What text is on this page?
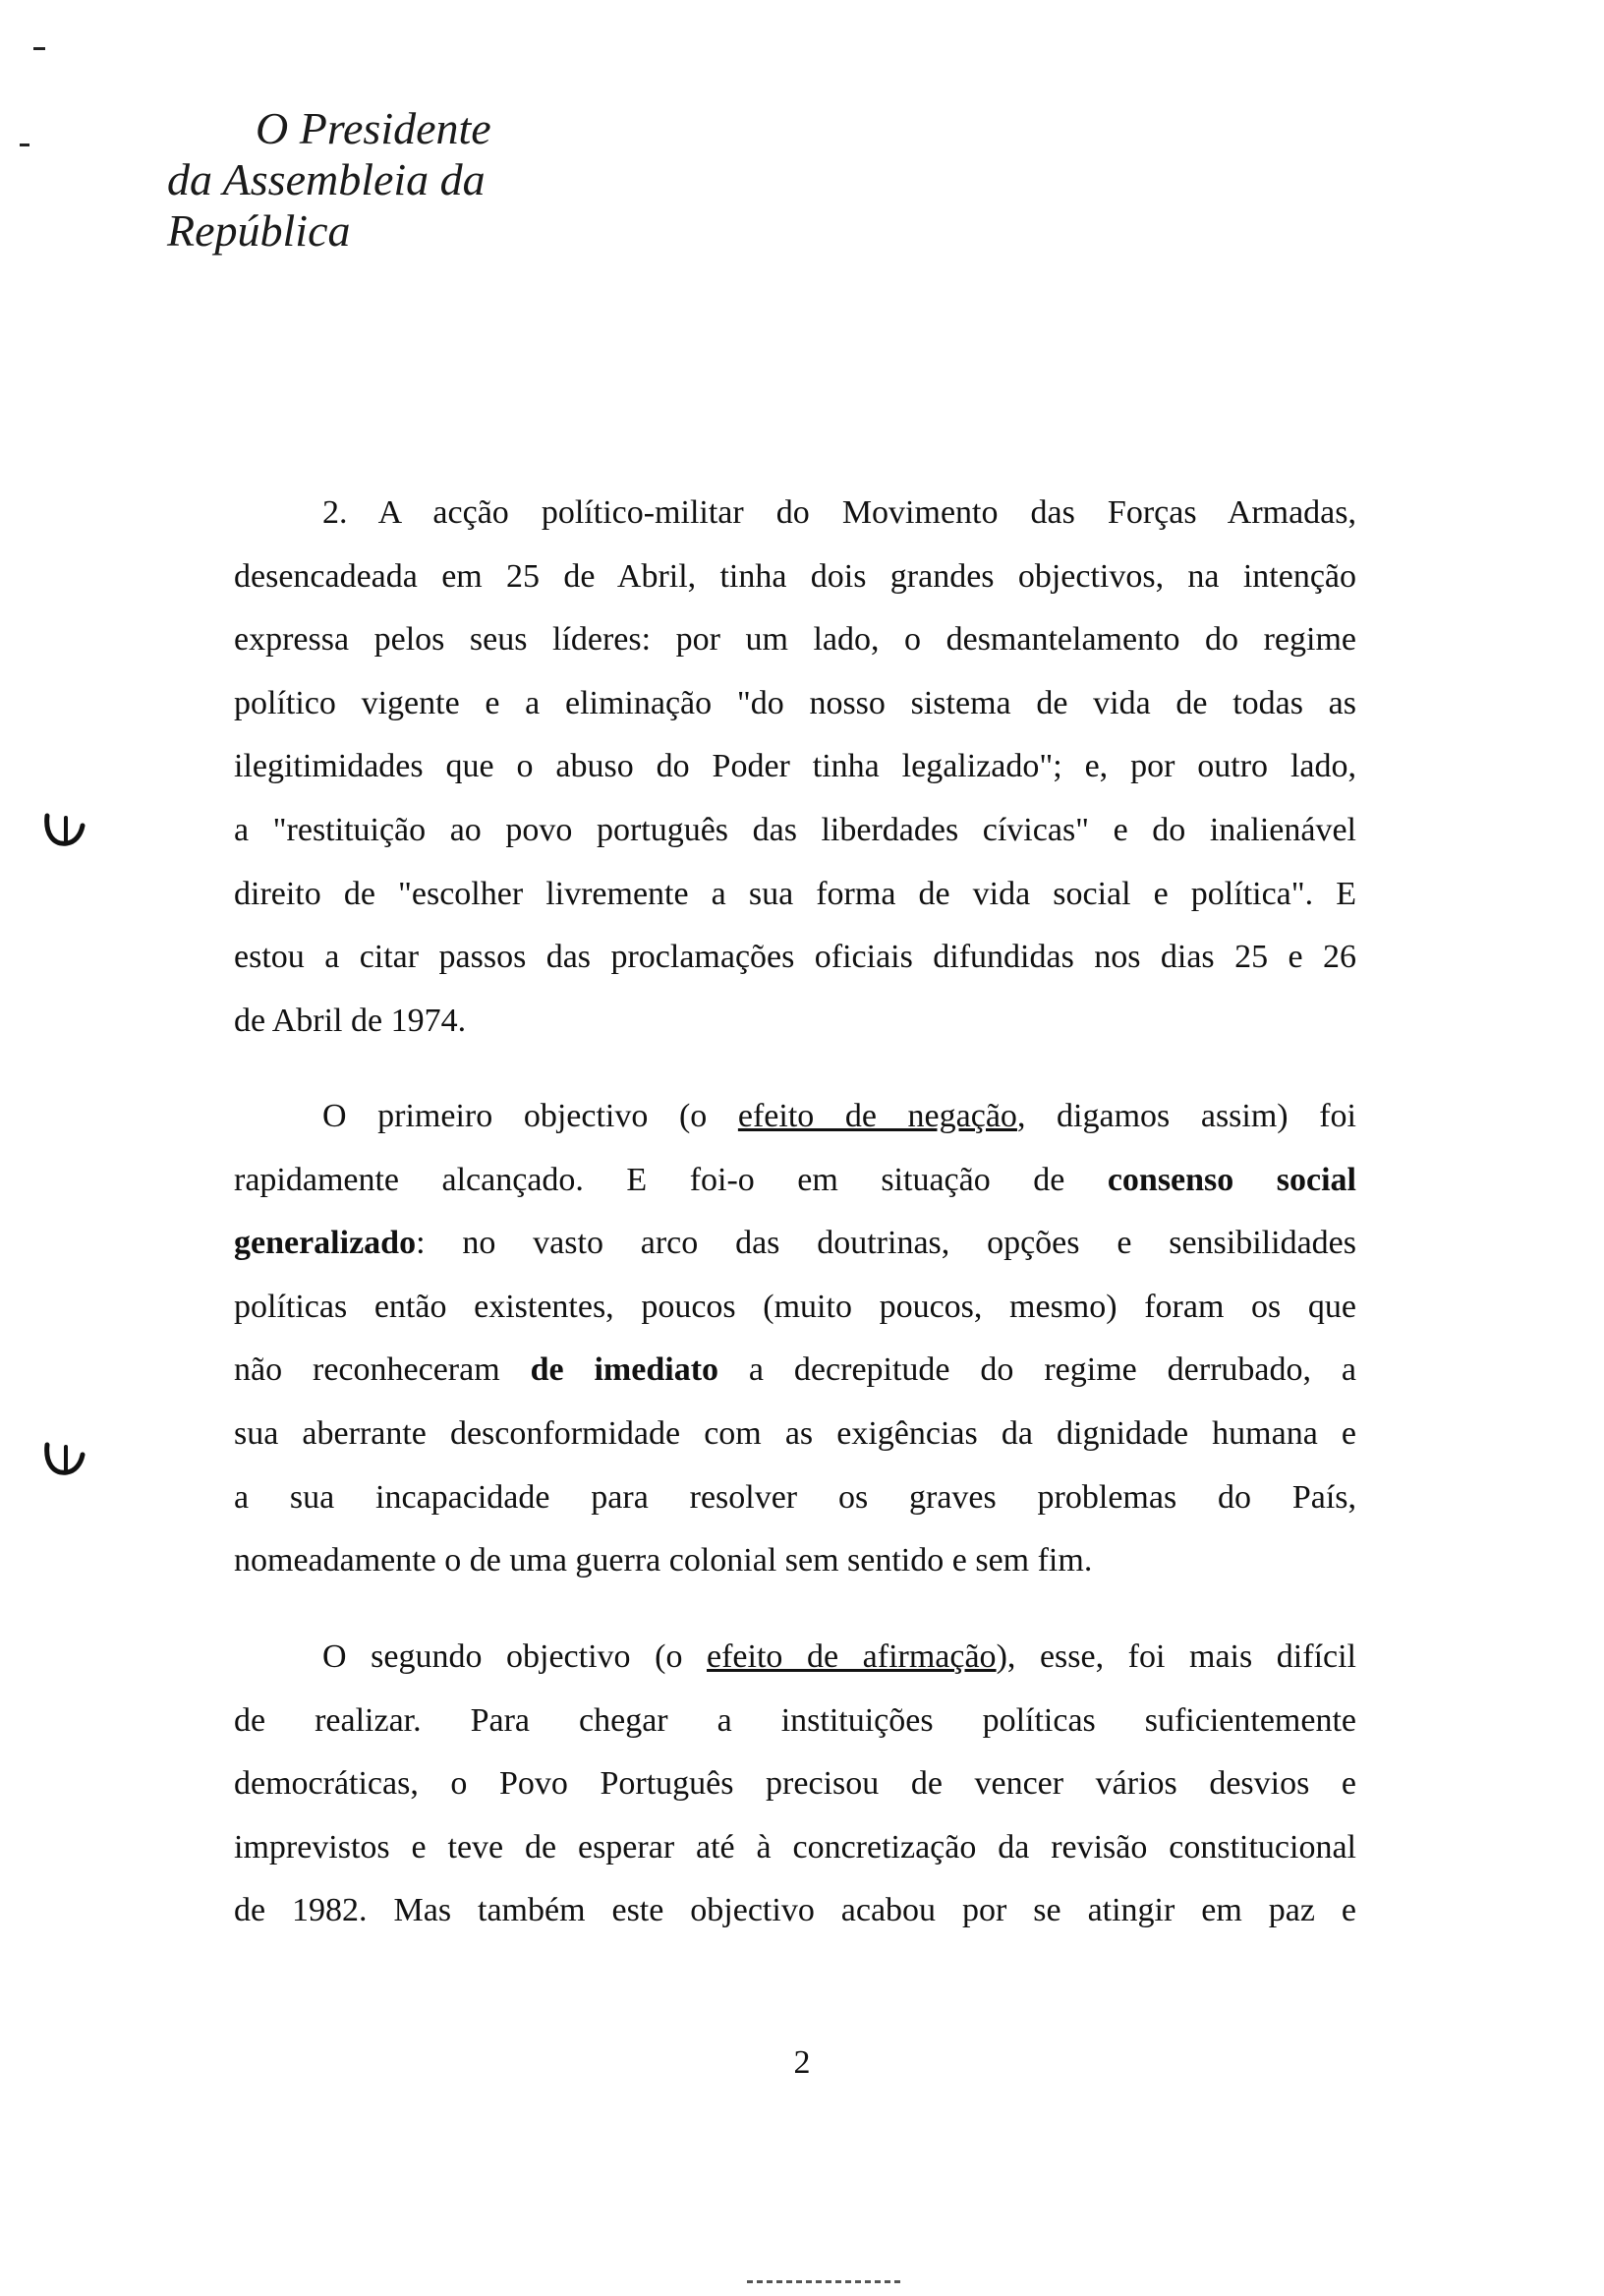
O Presidente
da Assembleia da República
2. A acção político-militar do Movimento das Forças Armadas,
desencadeada em 25 de Abril, tinha dois grandes objectivos, na intenção
expressa pelos seus líderes: por um lado, o desmantelamento do regime
político vigente e a eliminação "do nosso sistema de vida de todas as
ilegitimidades que o abuso do Poder tinha legalizado"; e, por outro lado,
a "restituição ao povo português das liberdades cívicas" e do inalienável
direito de "escolher livremente a sua forma de vida social e política". E
estou a citar passos das proclamações oficiais difundidas nos dias 25 e 26
de Abril de 1974.
O primeiro objectivo (o efeito de negação, digamos assim) foi
rapidamente alcançado. E foi-o em situação de consenso social
generalizado: no vasto arco das doutrinas, opções e sensibilidades
políticas então existentes, poucos (muito poucos, mesmo) foram os que
não reconheceram de imediato a decrepitude do regime derrubado, a
sua aberrante desconformidade com as exigências da dignidade humana e
a sua incapacidade para resolver os graves problemas do País,
nomeadamente o de uma guerra colonial sem sentido e sem fim.
O segundo objectivo (o efeito de afirmação), esse, foi mais difícil
de realizar. Para chegar a instituições políticas suficientemente
democráticas, o Povo Português precisou de vencer vários desvios e
imprevistos e teve de esperar até à concretização da revisão constitucional
de 1982. Mas também este objectivo acabou por se atingir em paz e
2
